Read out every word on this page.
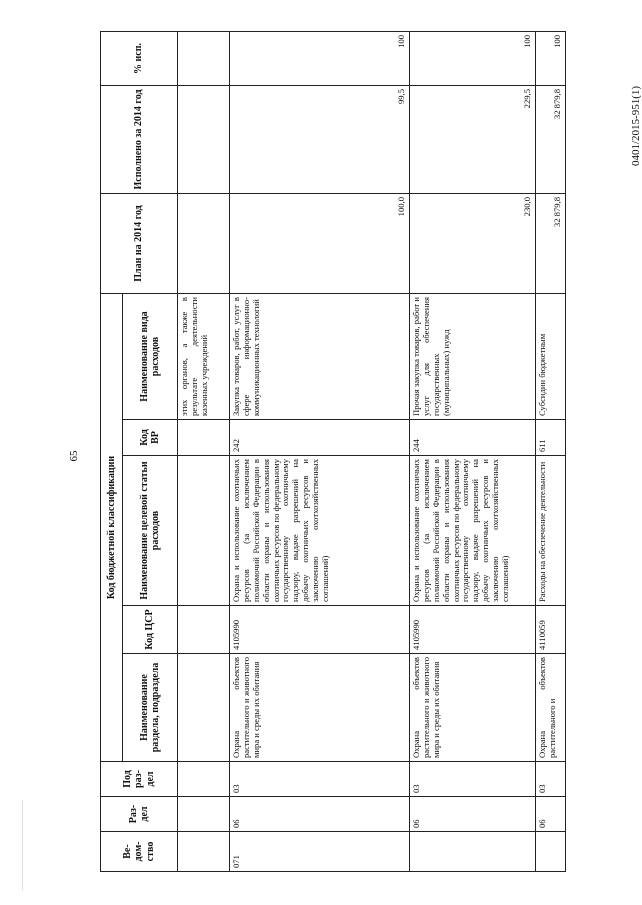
65
0401/2015-951(1)
Ве-дом-ство	Раз-дел	Под раз-дел	Код бюджетной классификации					План на 2014 год	Исполнено за 2014 год	% исп.
			Наименование раздела, подраздела	Код ЦСР	Наименование целевой статьи расходов	Код ВР	Наименование вида расходов			
							этих органов, а также в результате деятельности казенных учреждений			
071	06	03	Охрана объектов растительного и животного мира и среды их обитания	4105990	Охрана и использование охотничьих ресурсов (за исключением полномочий Российской Федерации в области охраны и использования охотничьих ресурсов по федеральному государственному охотничьему надзору, выдаче разрешений на добычу охотничьих ресурсов и заключению охотхозяйственных соглашений)	242	Закупка товаров, работ, услуг в сфере информационно-коммуникационных технологий	100,0	99,5	100
	06	03	Охрана объектов растительного и животного мира и среды их обитания	4105990	Охрана и использование охотничьих ресурсов (за исключением полномочий Российской Федерации в области охраны и использования охотничьих ресурсов по федеральному государственному охотничьему надзору, выдаче разрешений на добычу охотничьих ресурсов и заключению охотхозяйственных соглашений)	244	Прочая закупка товаров, работ и услуг для обеспечения государственных (муниципальных) нужд	230,0	229,5	100
	06	03	Охрана объектов растительного и	4110059	Расходы на обеспечение деятельности	611	Субсидии бюджетным	32 879,8	32 879,8	100
